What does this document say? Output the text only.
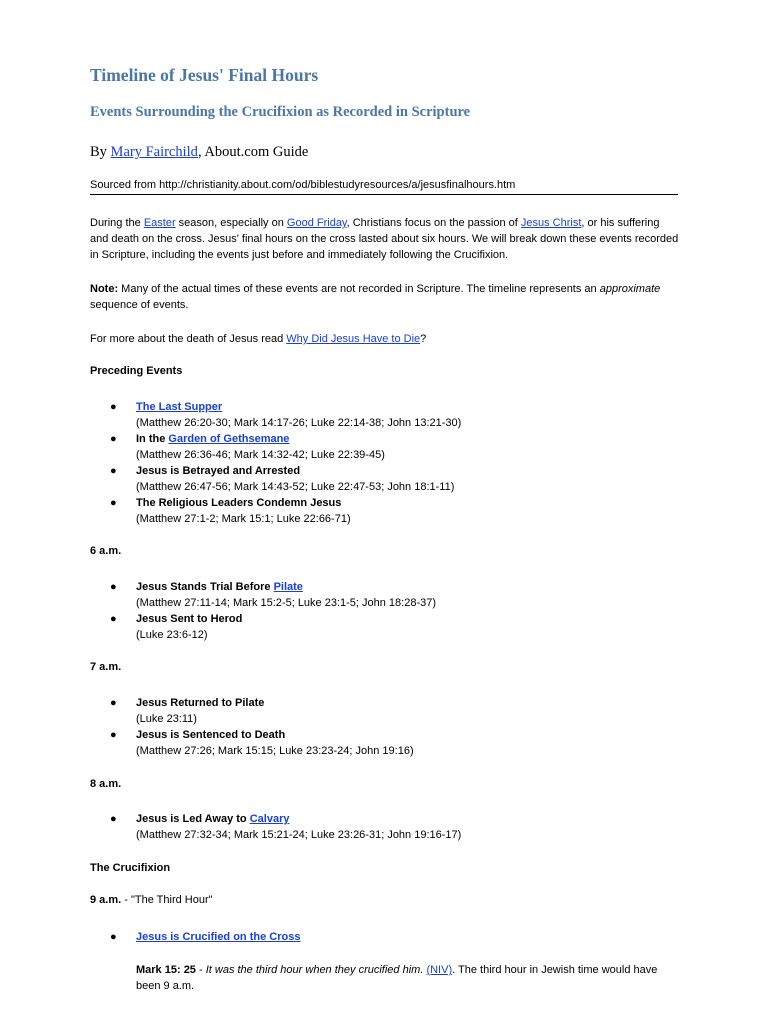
Timeline of Jesus' Final Hours
Events Surrounding the Crucifixion as Recorded in Scripture
By Mary Fairchild, About.com Guide
Sourced from http://christianity.about.com/od/biblestudyresources/a/jesusfinalhours.htm
During the Easter season, especially on Good Friday, Christians focus on the passion of Jesus Christ, or his suffering and death on the cross. Jesus' final hours on the cross lasted about six hours. We will break down these events recorded in Scripture, including the events just before and immediately following the Crucifixion.
Note: Many of the actual times of these events are not recorded in Scripture. The timeline represents an approximate sequence of events.
For more about the death of Jesus read Why Did Jesus Have to Die?
Preceding Events
● The Last Supper
(Matthew 26:20-30; Mark 14:17-26; Luke 22:14-38; John 13:21-30)
● In the Garden of Gethsemane
(Matthew 26:36-46; Mark 14:32-42; Luke 22:39-45)
● Jesus is Betrayed and Arrested
(Matthew 26:47-56; Mark 14:43-52; Luke 22:47-53; John 18:1-11)
● The Religious Leaders Condemn Jesus
(Matthew 27:1-2; Mark 15:1; Luke 22:66-71)
6 a.m.
● Jesus Stands Trial Before Pilate
(Matthew 27:11-14; Mark 15:2-5; Luke 23:1-5; John 18:28-37)
● Jesus Sent to Herod
(Luke 23:6-12)
7 a.m.
● Jesus Returned to Pilate
(Luke 23:11)
● Jesus is Sentenced to Death
(Matthew 27:26; Mark 15:15; Luke 23:23-24; John 19:16)
8 a.m.
● Jesus is Led Away to Calvary
(Matthew 27:32-34; Mark 15:21-24; Luke 23:26-31; John 19:16-17)
The Crucifixion
9 a.m. - "The Third Hour"
● Jesus is Crucified on the Cross
Mark 15: 25 - It was the third hour when they crucified him. (NIV). The third hour in Jewish time would have been 9 a.m.
